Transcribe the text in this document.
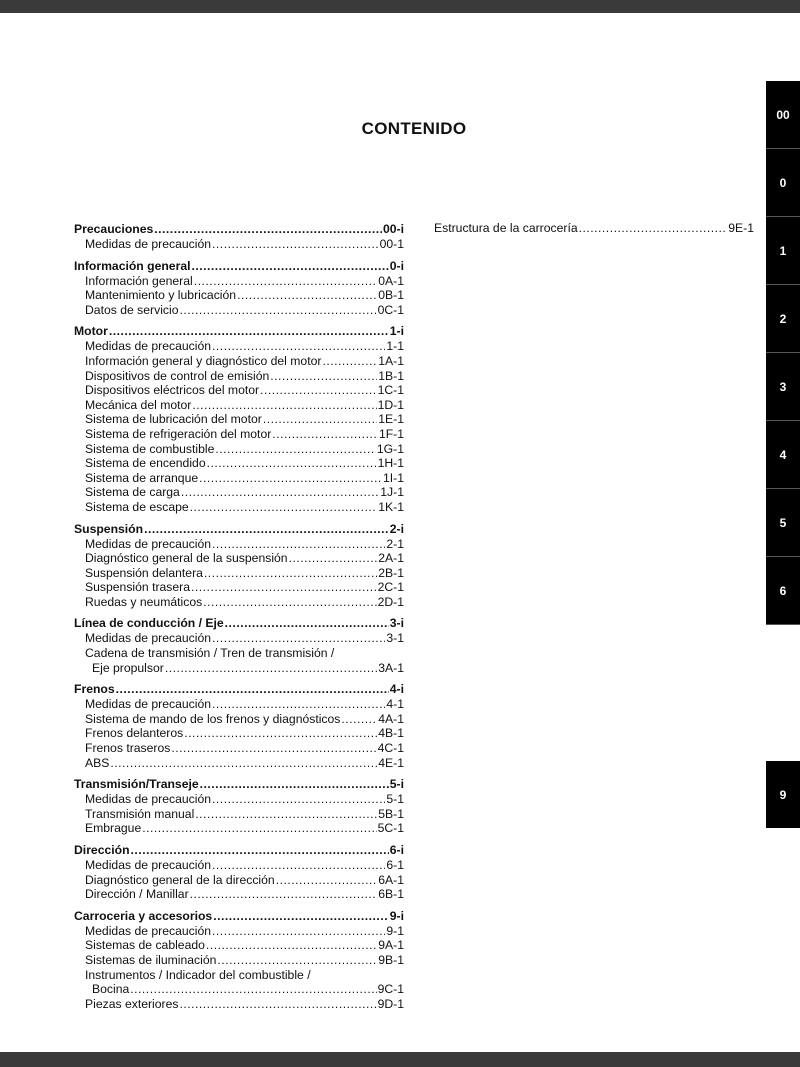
CONTENIDO
Precauciones .....	00-i
Medidas de precaución .....	00-1
Información general .....	0-i
Información general .....	0A-1
Mantenimiento y lubricación .....	0B-1
Datos de servicio .....	0C-1
Motor .....	1-i
Medidas de precaución .....	1-1
Información general y diagnóstico del motor .....	1A-1
Dispositivos de control de emisión .....	1B-1
Dispositivos eléctricos del motor .....	1C-1
Mecánica del motor .....	1D-1
Sistema de lubricación del motor .....	1E-1
Sistema de refrigeración del motor .....	1F-1
Sistema de combustible .....	1G-1
Sistema de encendido .....	1H-1
Sistema de arranque .....	1I-1
Sistema de carga .....	1J-1
Sistema de escape .....	1K-1
Suspensión .....	2-i
Medidas de precaución .....	2-1
Diagnóstico general de la suspensión .....	2A-1
Suspensión delantera .....	2B-1
Suspensión trasera .....	2C-1
Ruedas y neumáticos .....	2D-1
Línea de conducción / Eje .....	3-i
Medidas de precaución .....	3-1
Cadena de transmisión / Tren de transmisión /
Eje propulsor .....	3A-1
Frenos .....	4-i
Medidas de precaución .....	4-1
Sistema de mando de los frenos y diagnósticos .....	4A-1
Frenos delanteros .....	4B-1
Frenos traseros .....	4C-1
ABS .....	4E-1
Transmisión/Transeje .....	5-i
Medidas de precaución .....	5-1
Transmisión manual .....	5B-1
Embrague .....	5C-1
Dirección .....	6-i
Medidas de precaución .....	6-1
Diagnóstico general de la dirección .....	6A-1
Dirección / Manillar .....	6B-1
Carroceria y accesorios .....	9-i
Medidas de precaución .....	9-1
Sistemas de cableado .....	9A-1
Sistemas de iluminación .....	9B-1
Instrumentos / Indicador del combustible /
Bocina .....	9C-1
Piezas exteriores .....	9D-1
Estructura de la carrocería .....	9E-1
00
0
1
2
3
4
5
6
9
